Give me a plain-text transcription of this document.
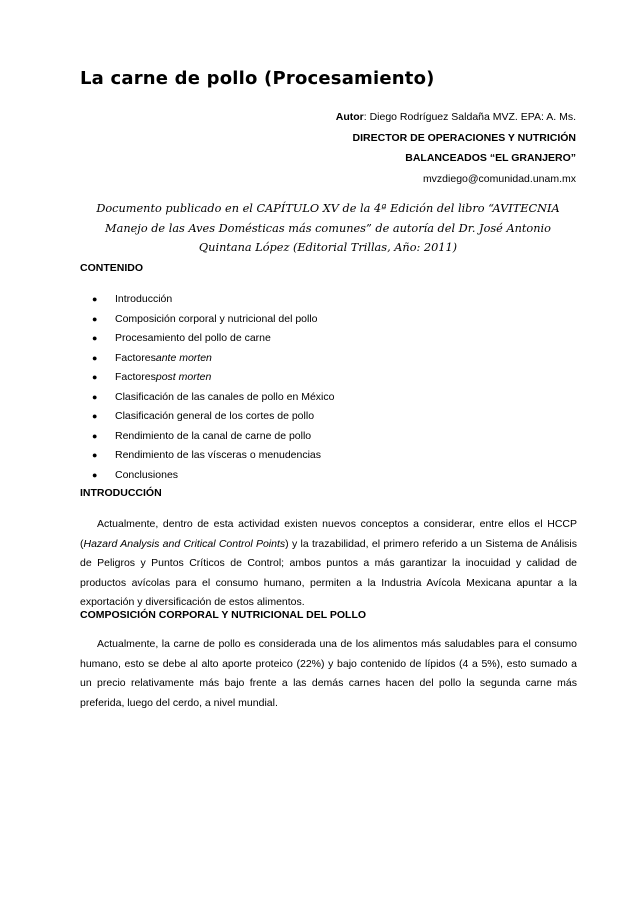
La carne de pollo (Procesamiento)
Autor: Diego Rodríguez Saldaña MVZ. EPA: A. Ms.
DIRECTOR DE OPERACIONES Y NUTRICIÓN
BALANCEADOS “EL GRANJERO”
mvzdiego@comunidad.unam.mx

Documento publicado en el CAPÍTULO XV de la 4ª Edición del libro “AVITECNIA Manejo de las Aves Domésticas más comunes” de autoría del Dr. José Antonio Quintana López (Editorial Trillas, Año: 2011)

CONTENIDO
●	Introducción
●	Composición corporal y nutricional del pollo
●	Procesamiento del pollo de carne
●	Factores ante morten
●	Factores post morten
●	Clasificación de las canales de pollo en México
●	Clasificación general de los cortes de pollo
●	Rendimiento de la canal de carne de pollo
●	Rendimiento de las vísceras o menudencias
●	Conclusiones
INTRODUCCIÓN

Actualmente, dentro de esta actividad existen nuevos conceptos a considerar, entre ellos el HCCP (Hazard Analysis and Critical Control Points) y la trazabilidad, el primero referido a un Sistema de Análisis de Peligros y Puntos Críticos de Control; ambos puntos a más garantizar la inocuidad y calidad de productos avícolas para el consumo humano, permiten a la Industria Avícola Mexicana apuntar a la exportación y diversificación de estos alimentos.

COMPOSICIÓN CORPORAL Y NUTRICIONAL DEL POLLO

Actualmente, la carne de pollo es considerada una de los alimentos más saludables para el consumo humano, esto se debe al alto aporte proteico (22%) y bajo contenido de lípidos (4 a 5%), esto sumado a un precio relativamente más bajo frente a las demás carnes hacen del pollo la segunda carne más preferida, luego del cerdo, a nivel mundial.
